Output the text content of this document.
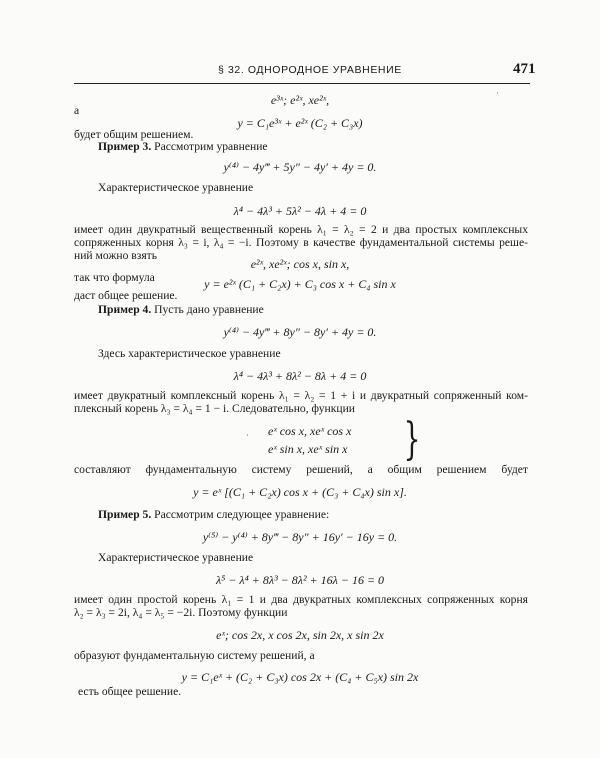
§ 32. ОДНОРОДНОЕ УРАВНЕНИЕ	471
·
e³ˣ; e²ˣ, xe²ˣ,
а
y = C₁e³ˣ + e²ˣ (C₂ + C₃x)
будет общим решением.
Пример 3. Рассмотрим уравнение
y⁽⁴⁾ − 4y‴ + 5y″ − 4y′ + 4y = 0.
Характеристическое уравнение
λ⁴ − 4λ³ + 5λ² − 4λ + 4 = 0
имеет один двукратный вещественный корень λ₁ = λ₂ = 2 и два простых комплексных
сопряженных корня λ₃ = i, λ₄ = −i. Поэтому в качестве фундаментальной системы реше-
ний можно взять
e²ˣ, xe²ˣ; cos x, sin x,
так что формула	y = e²ˣ (C₁ + C₂x) + C₃ cos x + C₄ sin x
даст общее решение.
Пример 4. Пусть дано уравнение
y⁽⁴⁾ − 4y‴ + 8y″ − 8y′ + 4y = 0.
Здесь характеристическое уравнение
λ⁴ − 4λ³ + 8λ² − 8λ + 4 = 0
имеет двукратный комплексный корень λ₁ = λ₂ = 1 + i и двукратный сопряженный ком-
плексный корень λ₃ = λ₄ = 1 − i. Следовательно, функции
eˣ cos x, xeˣ cos x
eˣ sin x, xeˣ sin x }
·
составляют фундаментальную систему решений, а общим решением будет
y = eˣ [(C₁ + C₂x) cos x + (C₃ + C₄x) sin x].
Пример 5. Рассмотрим следующее уравнение:
y⁽⁵⁾ − y⁽⁴⁾ + 8y‴ − 8y″ + 16y′ − 16y = 0.
Характеристическое уравнение
λ⁵ − λ⁴ + 8λ³ − 8λ² + 16λ − 16 = 0
имеет один простой корень λ₁ = 1 и два двукратных комплексных сопряженных корня
λ₂ = λ₃ = 2i, λ₄ = λ₅ = −2i. Поэтому функции
eˣ; cos 2x, x cos 2x, sin 2x, x sin 2x
образуют фундаментальную систему решений, а
y = C₁eˣ + (C₂ + C₃x) cos 2x + (C₄ + C₅x) sin 2x
есть общее решение.
